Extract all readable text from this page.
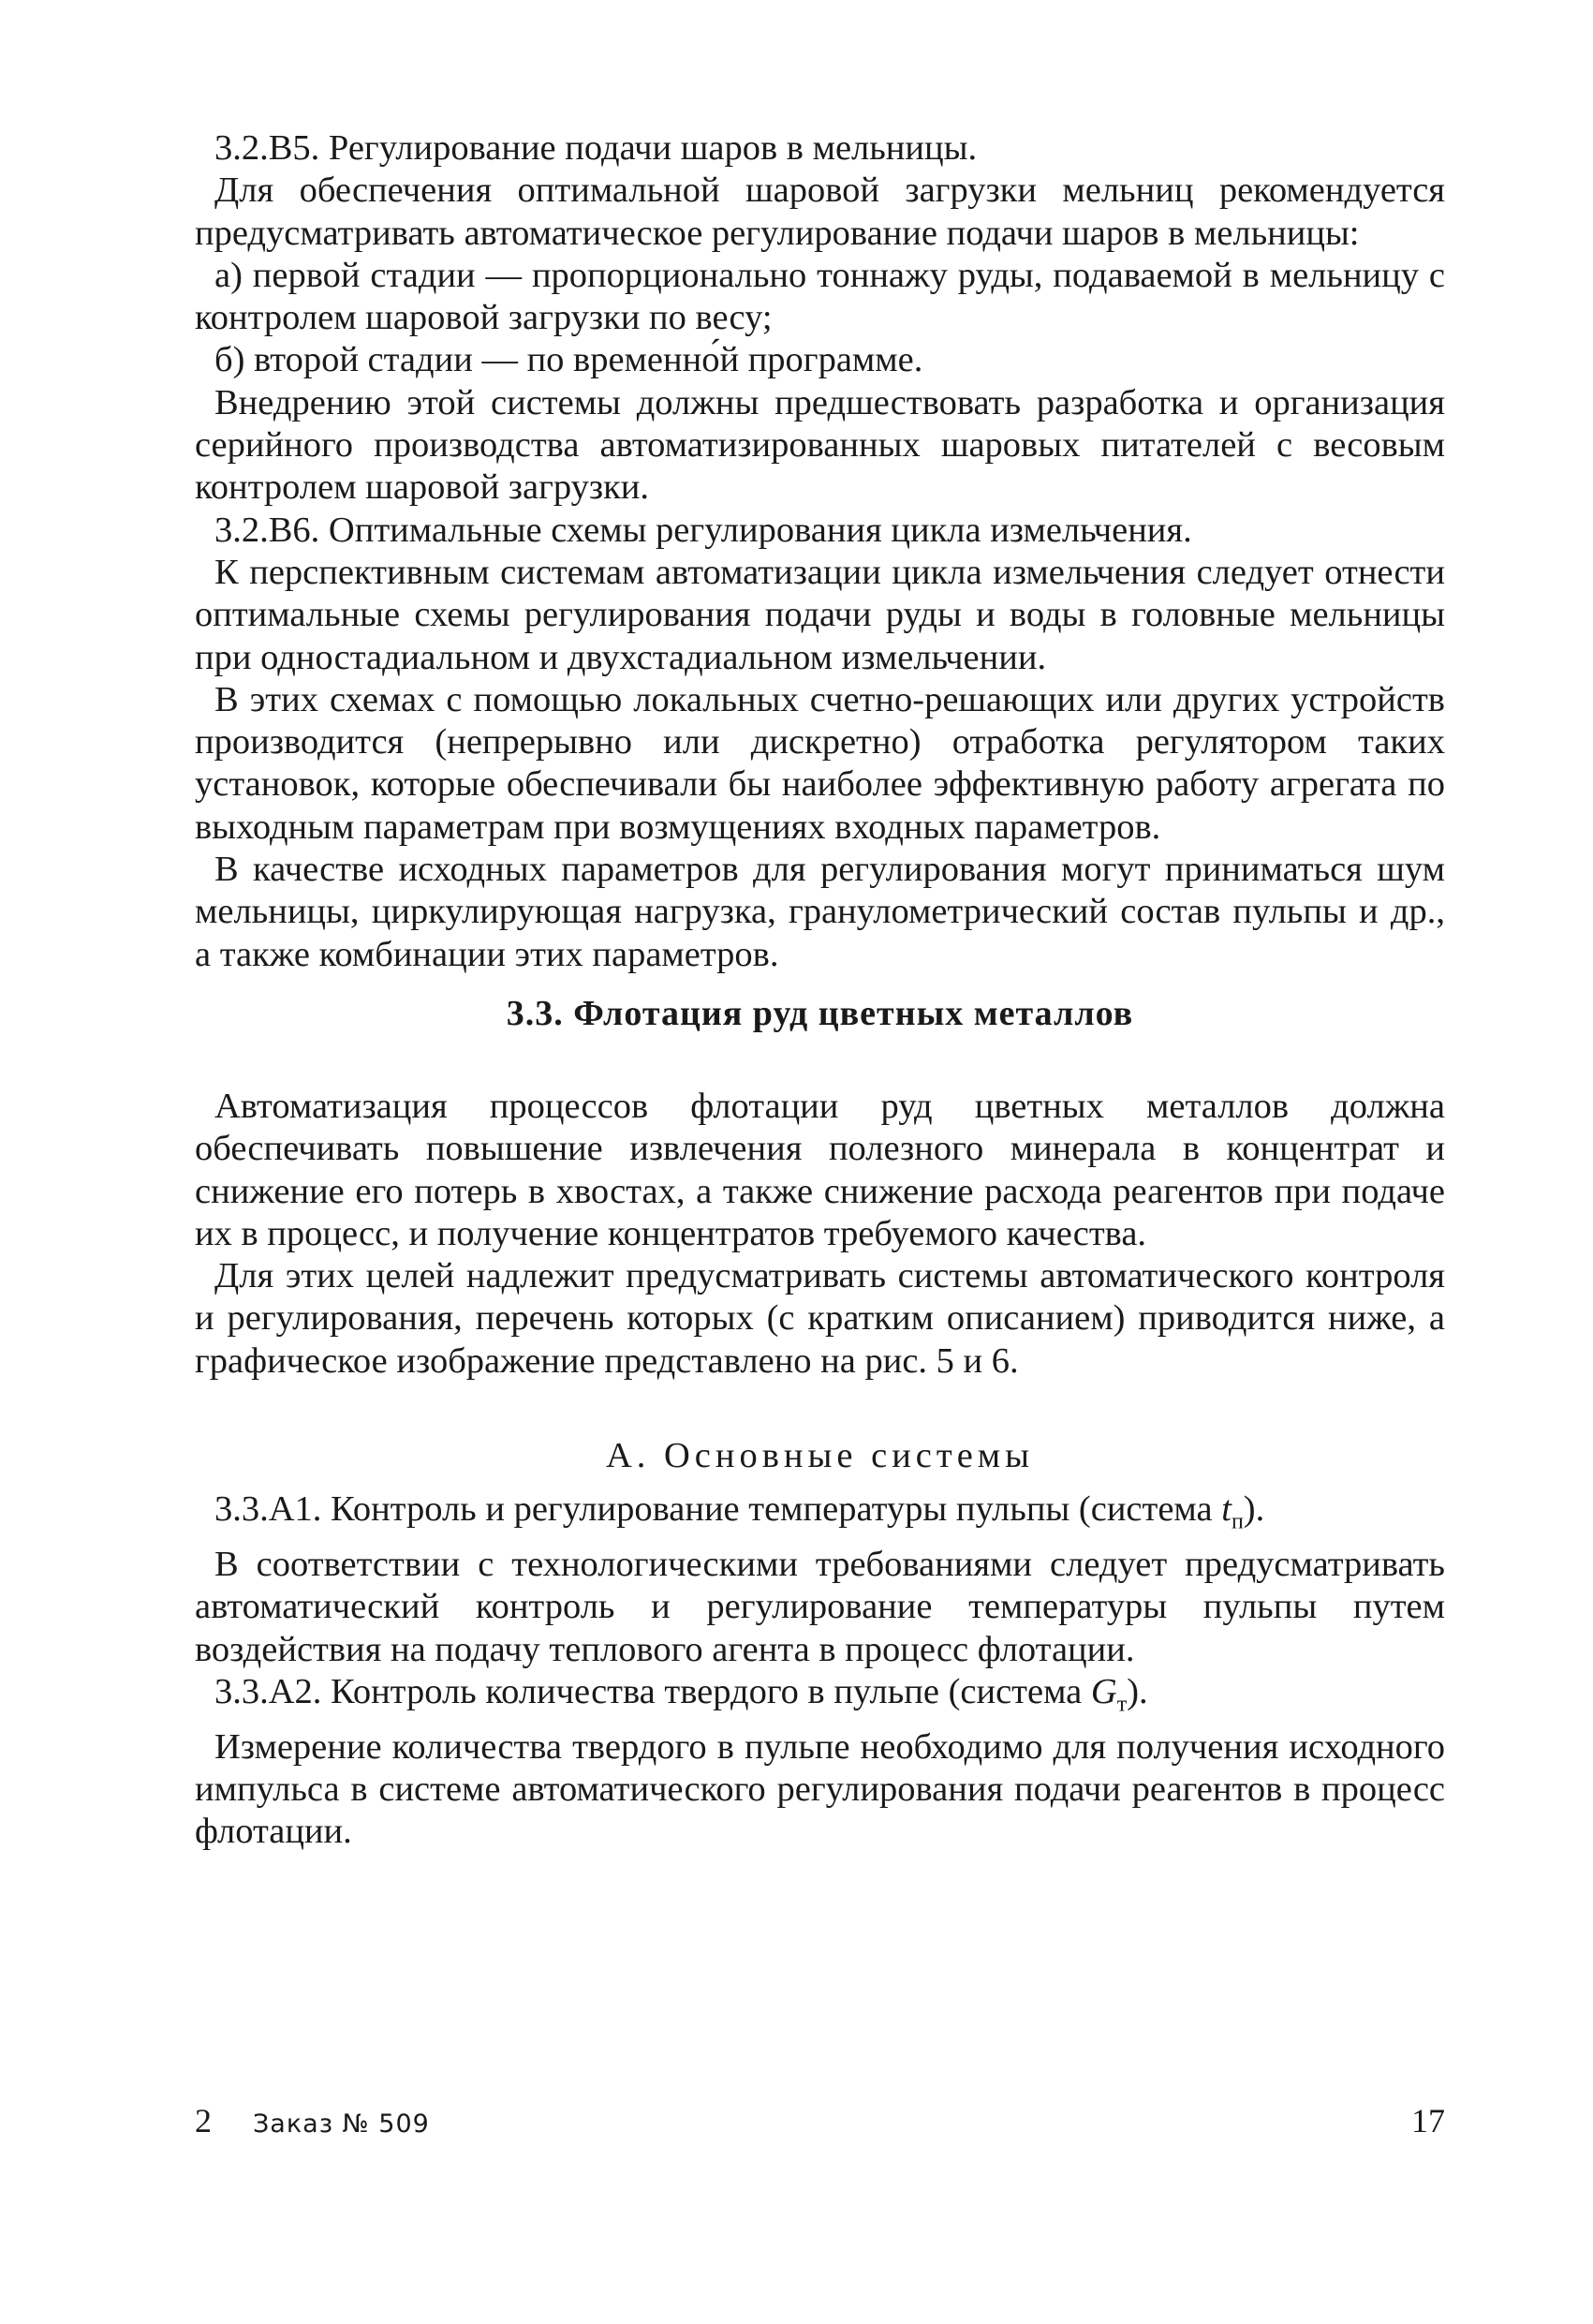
3.2.В5. Регулирование подачи шаров в мельницы.

Для обеспечения оптимальной шаровой загрузки мельниц рекомендуется предусматривать автоматическое регулирование подачи шаров в мельницы:

а) первой стадии — пропорционально тоннажу руды, подаваемой в мельницу с контролем шаровой загрузки по весу;

б) второй стадии — по временно́й программе.

Внедрению этой системы должны предшествовать разработка и организация серийного производства автоматизированных шаровых питателей с весовым контролем шаровой загрузки.

3.2.В6. Оптимальные схемы регулирования цикла измельчения.

К перспективным системам автоматизации цикла измельчения следует отнести оптимальные схемы регулирования подачи руды и воды в головные мельницы при одностадиальном и двухстадиальном измельчении.

В этих схемах с помощью локальных счетно-решающих или других устройств производится (непрерывно или дискретно) отработка регулятором таких установок, которые обеспечивали бы наиболее эффективную работу агрегата по выходным параметрам при возмущениях входных параметров.

В качестве исходных параметров для регулирования могут приниматься шум мельницы, циркулирующая нагрузка, гранулометрический состав пульпы и др., а также комбинации этих параметров.

3.3. Флотация руд цветных металлов

Автоматизация процессов флотации руд цветных металлов должна обеспечивать повышение извлечения полезного минерала в концентрат и снижение его потерь в хвостах, а также снижение расхода реагентов при подаче их в процесс, и получение концентратов требуемого качества.

Для этих целей надлежит предусматривать системы автоматического контроля и регулирования, перечень которых (с кратким описанием) приводится ниже, а графическое изображение представлено на рис. 5 и 6.

А. Основные системы

3.3.А1. Контроль и регулирование температуры пульпы (система $t_п$).

В соответствии с технологическими требованиями следует предусматривать автоматический контроль и регулирование температуры пульпы путем воздействия на подачу теплового агента в процесс флотации.

3.3.А2. Контроль количества твердого в пульпе (система $G_т$).

Измерение количества твердого в пульпе необходимо для получения исходного импульса в системе автоматического регулирования подачи реагентов в процесс флотации.

2 Заказ № 509	17
